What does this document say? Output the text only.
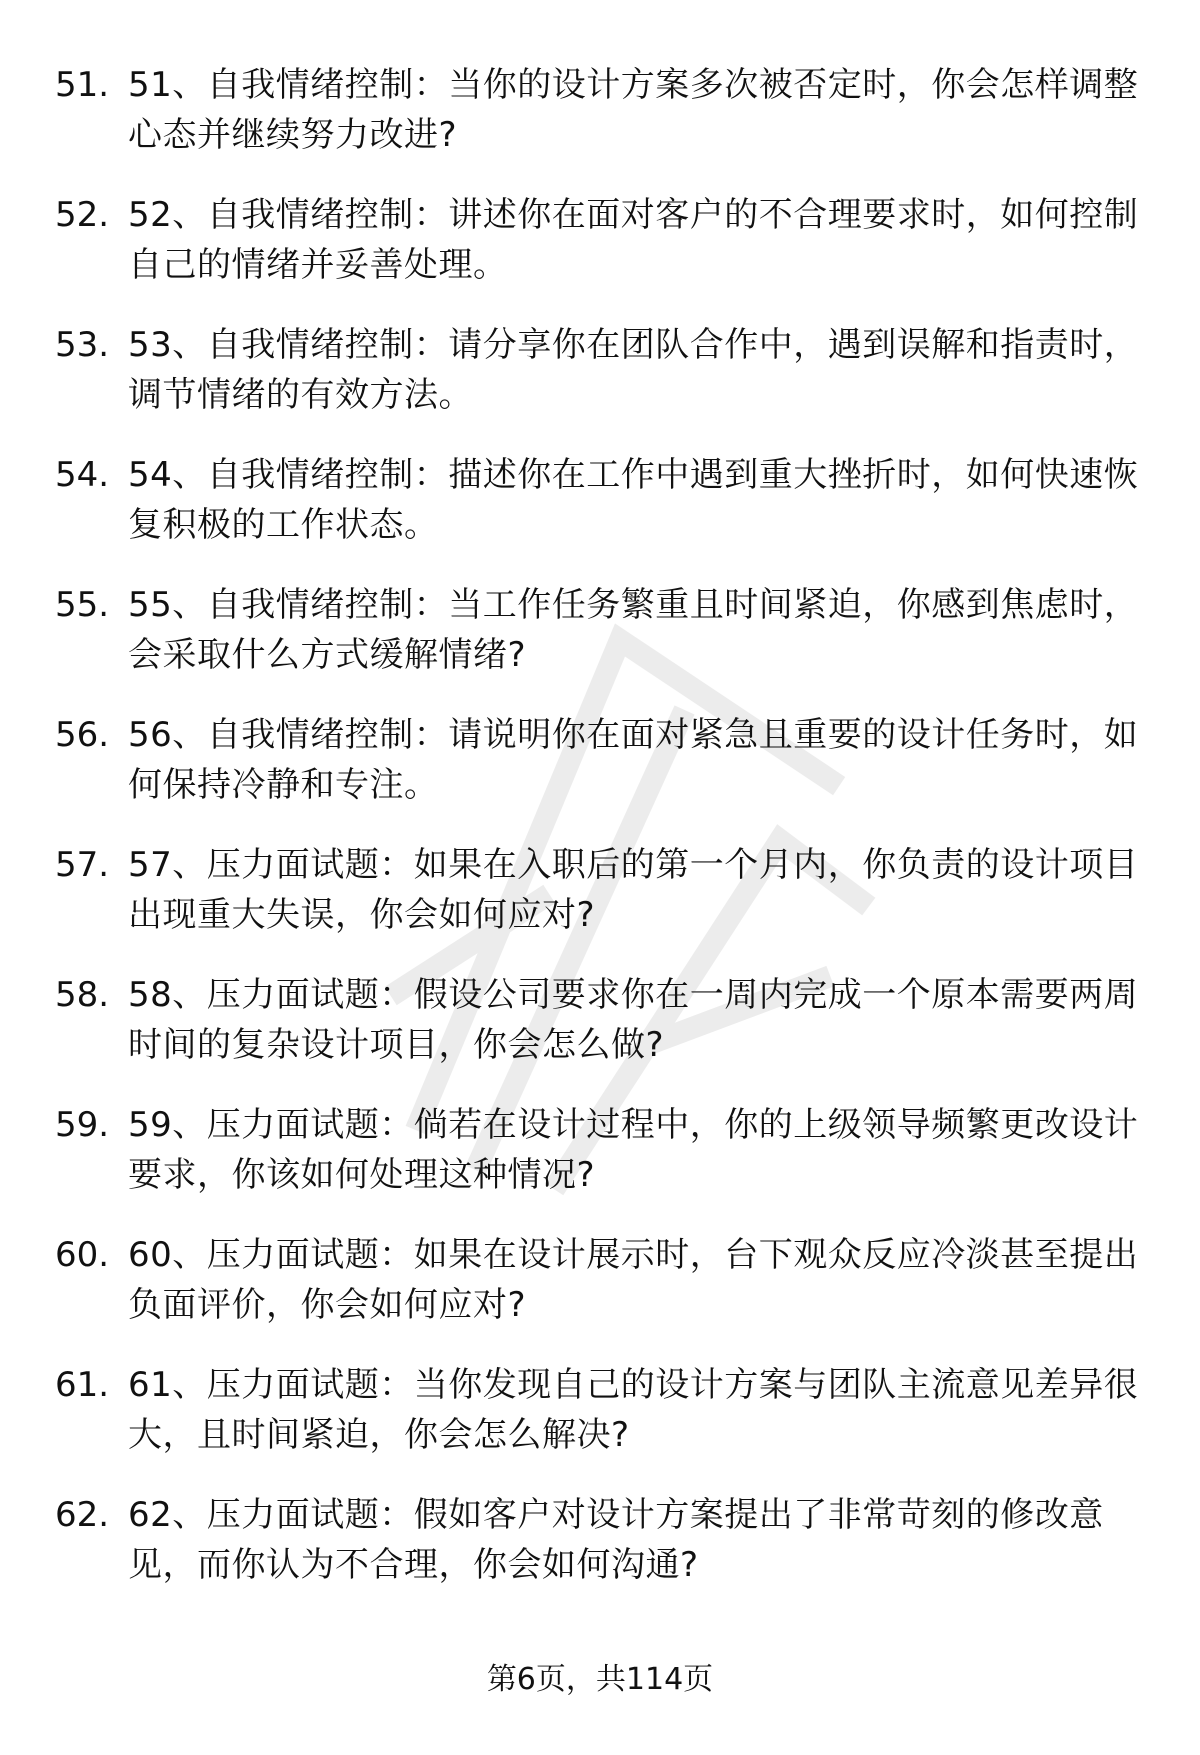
51. 51、自我情绪控制：当你的设计方案多次被否定时，你会怎样调整心态并继续努力改进?
52. 52、自我情绪控制：讲述你在面对客户的不合理要求时，如何控制自己的情绪并妥善处理。
53. 53、自我情绪控制：请分享你在团队合作中，遇到误解和指责时，调节情绪的有效方法。
54. 54、自我情绪控制：描述你在工作中遇到重大挫折时，如何快速恢复积极的工作状态。
55. 55、自我情绪控制：当工作任务繁重且时间紧迫，你感到焦虑时，会采取什么方式缓解情绪?
56. 56、自我情绪控制：请说明你在面对紧急且重要的设计任务时，如何保持冷静和专注。
57. 57、压力面试题：如果在入职后的第一个月内，你负责的设计项目出现重大失误，你会如何应对?
58. 58、压力面试题：假设公司要求你在一周内完成一个原本需要两周时间的复杂设计项目，你会怎么做?
59. 59、压力面试题：倘若在设计过程中，你的上级领导频繁更改设计要求，你该如何处理这种情况?
60. 60、压力面试题：如果在设计展示时，台下观众反应冷淡甚至提出负面评价，你会如何应对?
61. 61、压力面试题：当你发现自己的设计方案与团队主流意见差异很大，且时间紧迫，你会怎么解决?
62. 62、压力面试题：假如客户对设计方案提出了非常苛刻的修改意见，而你认为不合理，你会如何沟通?
第6页，共114页
